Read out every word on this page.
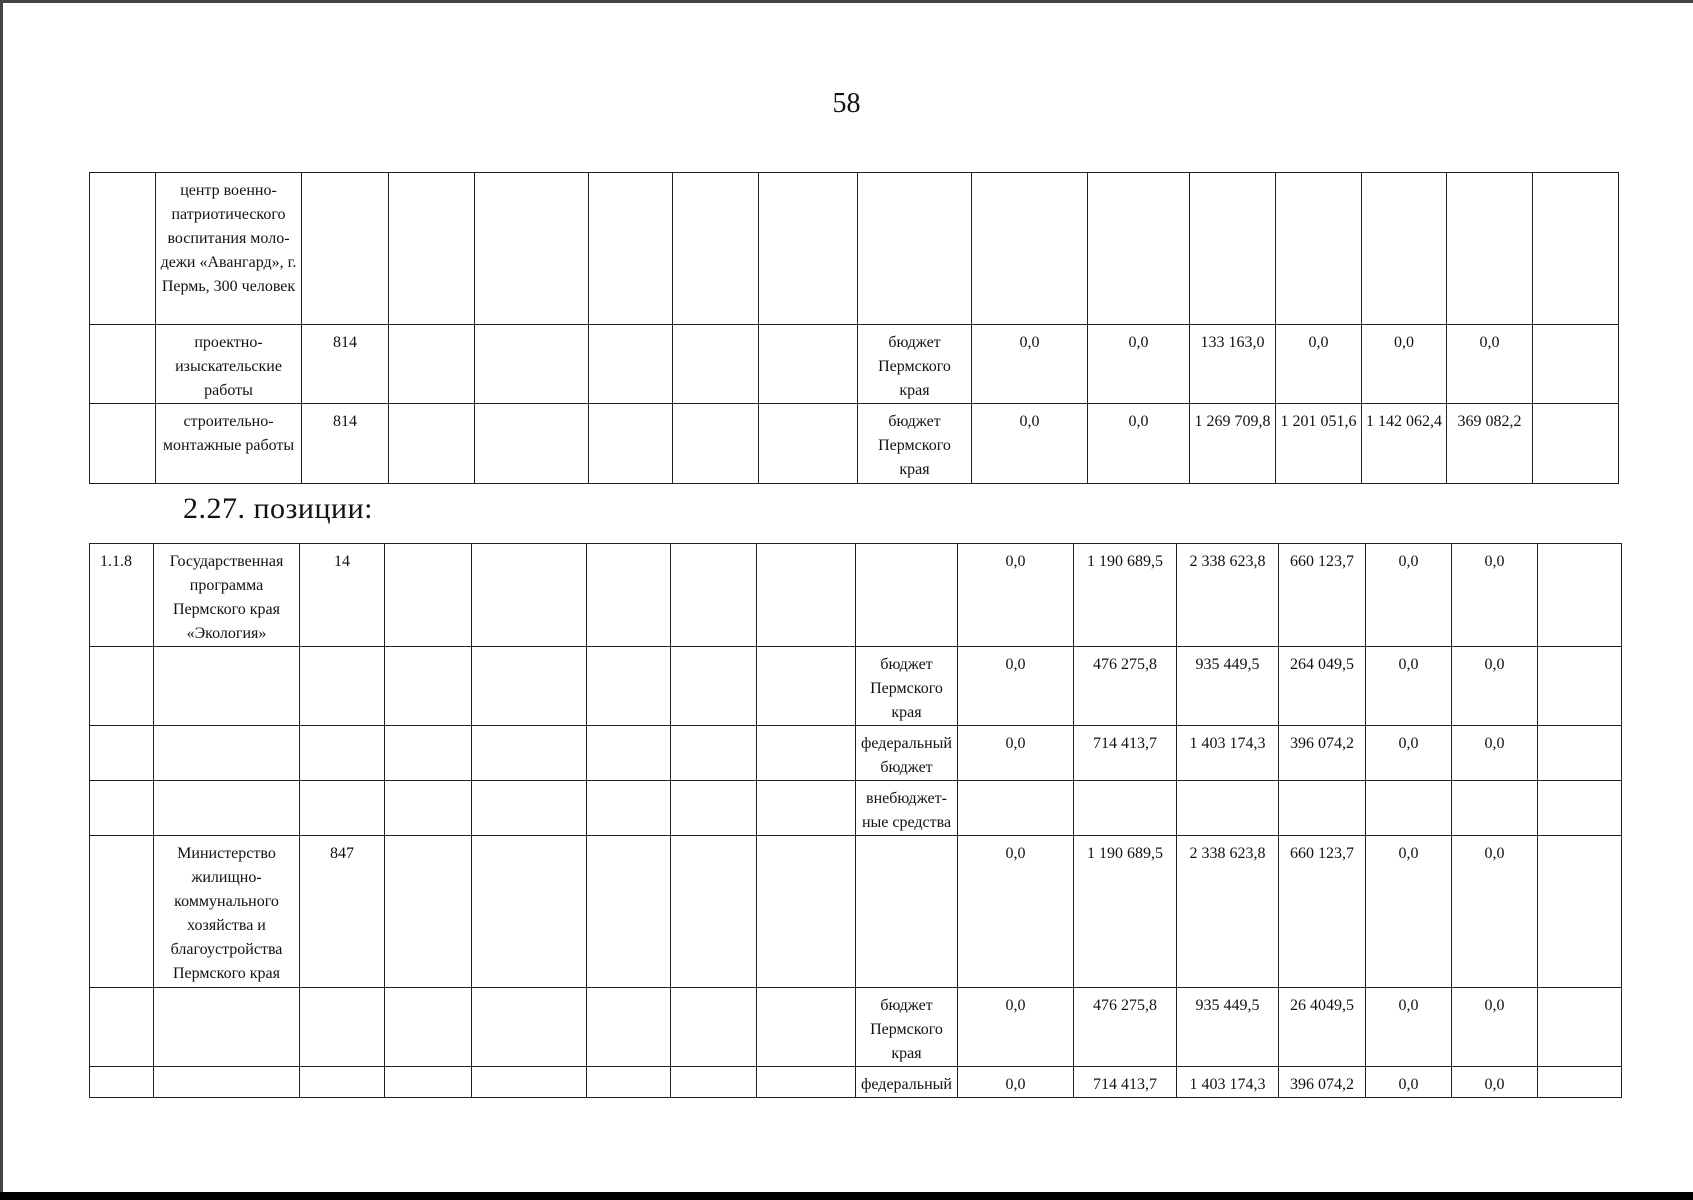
58
	центр военно-патриотического воспитания моло-дежи «Авангард», г. Пермь, 300 человек														
	проектно-изыскательские работы	814						бюджет Пермского края	0,0	0,0	133 163,0	0,0	0,0	0,0	
	строительно-монтажные работы	814						бюджет Пермского края	0,0	0,0	1 269 709,8	1 201 051,6	1 142 062,4	369 082,2	
2.27. позиции:
1.1.8	Государственная программа Пермского края «Экология»	14							0,0	1 190 689,5	2 338 623,8	660 123,7	0,0	0,0	
								бюджет Пермского края	0,0	476 275,8	935 449,5	264 049,5	0,0	0,0	
								федеральный бюджет	0,0	714 413,7	1 403 174,3	396 074,2	0,0	0,0	
								внебюджет-ные средства							
	Министерство жилищно-коммунального хозяйства и благоустройства Пермского края	847							0,0	1 190 689,5	2 338 623,8	660 123,7	0,0	0,0	
								бюджет Пермского края	0,0	476 275,8	935 449,5	26 4049,5	0,0	0,0	
								федеральный	0,0	714 413,7	1 403 174,3	396 074,2	0,0	0,0	
